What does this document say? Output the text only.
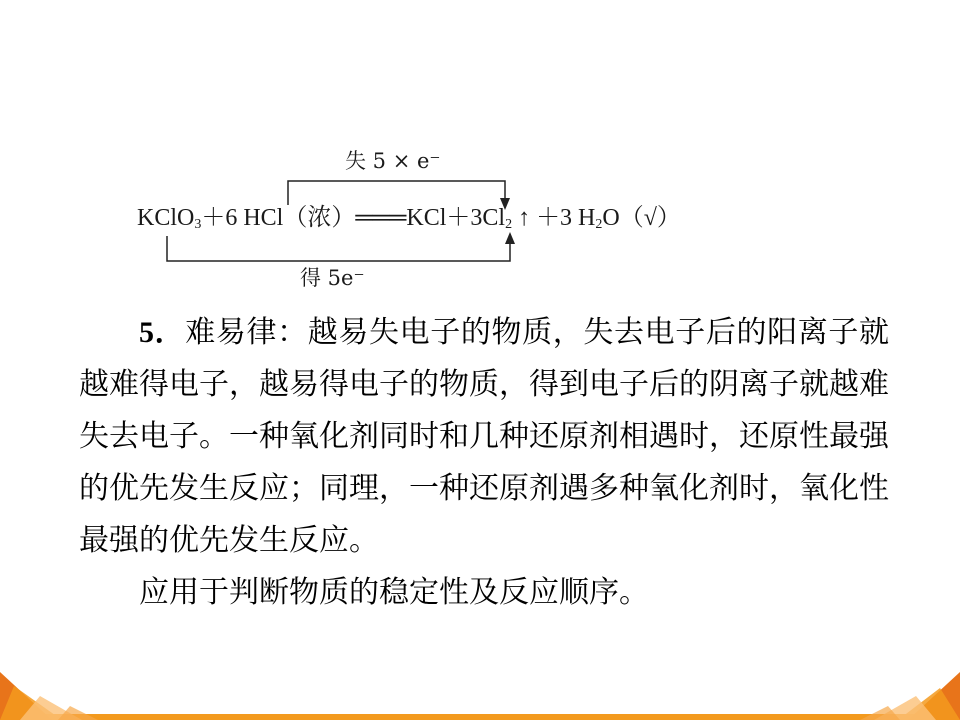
失 5 × e⁻
KClO$_3$＋6 HCl（浓）$═══KCl+3Cl_2$ ↑ ＋3 $H_2O(√)$
得 5e⁻

5．难易律：越易失电子的物质，失去电子后的阳离子就越难得电子，越易得电子的物质，得到电子后的阴离子就越难失去电子。一种氧化剂同时和几种还原剂相遇时，还原性最强的优先发生反应；同理，一种还原剂遇多种氧化剂时，氧化性最强的优先发生反应。

应用于判断物质的稳定性及反应顺序。
